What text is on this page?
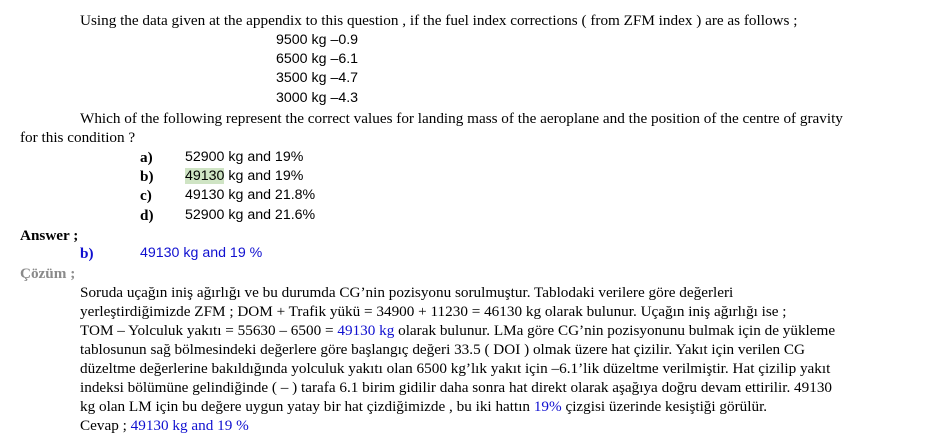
Using the data given at the appendix to this question , if the fuel index corrections ( from ZFM index ) are as follows ;
9500 kg –0.9
6500 kg –6.1
3500 kg –4.7
3000 kg –4.3
Which of the following represent the correct values for landing mass of the aeroplane and the position of the centre of gravity
for this condition ?
a) 52900 kg and 19%
b) 49130 kg and 19%
c) 49130 kg and 21.8%
d) 52900 kg and 21.6%
Answer ;
b)	49130 kg and 19 %
Çözüm ;
Soruda uçağın iniş ağırlığı ve bu durumda CG’nin pozisyonu sorulmuştur. Tablodaki verilere göre değerleri
yerleştirdiğimizde ZFM ; DOM + Trafik yükü = 34900 + 11230 = 46130 kg olarak bulunur. Uçağın iniş ağırlığı ise ;
TOM – Yolculuk yakıtı = 55630 – 6500 = 49130 kg olarak bulunur. LMa göre CG’nin pozisyonunu bulmak için de yükleme
tablosunun sağ bölmesindeki değerlere göre başlangıç değeri 33.5 ( DOI ) olmak üzere hat çizilir. Yakıt için verilen CG
düzeltme değerlerine bakıldığında yolculuk yakıtı olan 6500 kg’lık yakıt için –6.1’lik düzeltme verilmiştir. Hat çizilip yakıt
indeksi bölümüne gelindiğinde ( – ) tarafa 6.1 birim gidilir daha sonra hat direkt olarak aşağıya doğru devam ettirilir. 49130
kg olan LM için bu değere uygun yatay bir hat çizdiğimizde , bu iki hattın 19% çizgisi üzerinde kesiştiği görülür.
Cevap ; 49130 kg and 19 %
